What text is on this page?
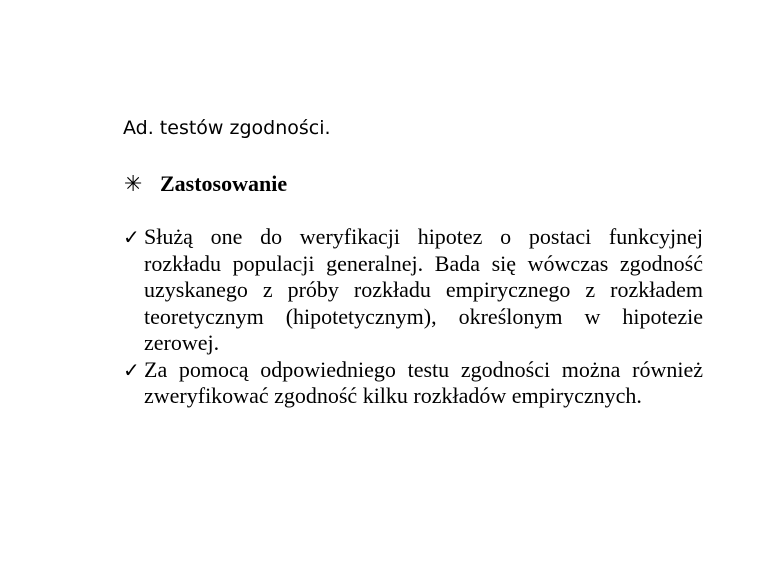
Ad. testów zgodności.
✳ Zastosowanie
✓ Służą one do weryfikacji hipotez o postaci funkcyjnej
rozkładu populacji generalnej. Bada się wówczas zgodność
uzyskanego z próby rozkładu empirycznego z rozkładem
teoretycznym (hipotetycznym), określonym w hipotezie
zerowej.
✓ Za pomocą odpowiedniego testu zgodności można również
zweryfikować zgodność kilku rozkładów empirycznych.
